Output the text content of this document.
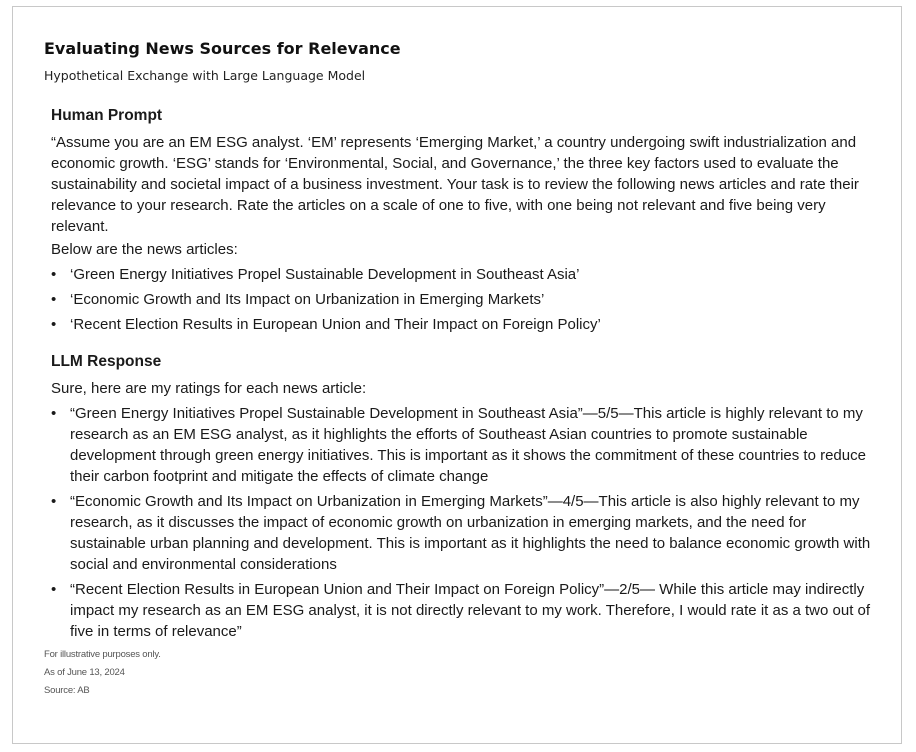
Evaluating News Sources for Relevance
Hypothetical Exchange with Large Language Model
Human Prompt

“Assume you are an EM ESG analyst. ‘EM’ represents ‘Emerging Market,’ a country undergoing swift industrialization and economic growth. ‘ESG’ stands for ‘Environmental, Social, and Governance,’ the three key factors used to evaluate the sustainability and societal impact of a business investment. Your task is to review the following news articles and rate their relevance to your research. Rate the articles on a scale of one to five, with one being not relevant and five being very relevant.

Below are the news articles:

• ‘Green Energy Initiatives Propel Sustainable Development in Southeast Asia’
• ‘Economic Growth and Its Impact on Urbanization in Emerging Markets’
• ‘Recent Election Results in European Union and Their Impact on Foreign Policy’
LLM Response

Sure, here are my ratings for each news article:

• “Green Energy Initiatives Propel Sustainable Development in Southeast Asia”—5/5—This article is highly relevant to my research as an EM ESG analyst, as it highlights the efforts of Southeast Asian countries to promote sustainable development through green energy initiatives. This is important as it shows the commitment of these countries to reduce their carbon footprint and mitigate the effects of climate change
• “Economic Growth and Its Impact on Urbanization in Emerging Markets”—4/5—This article is also highly relevant to my research, as it discusses the impact of economic growth on urbanization in emerging markets, and the need for sustainable urban planning and development. This is important as it highlights the need to balance economic growth with social and environmental considerations
• “Recent Election Results in European Union and Their Impact on Foreign Policy”—2/5— While this article may indirectly impact my research as an EM ESG analyst, it is not directly relevant to my work. Therefore, I would rate it as a two out of five in terms of relevance”
For illustrative purposes only.
As of June 13, 2024
Source: AB
